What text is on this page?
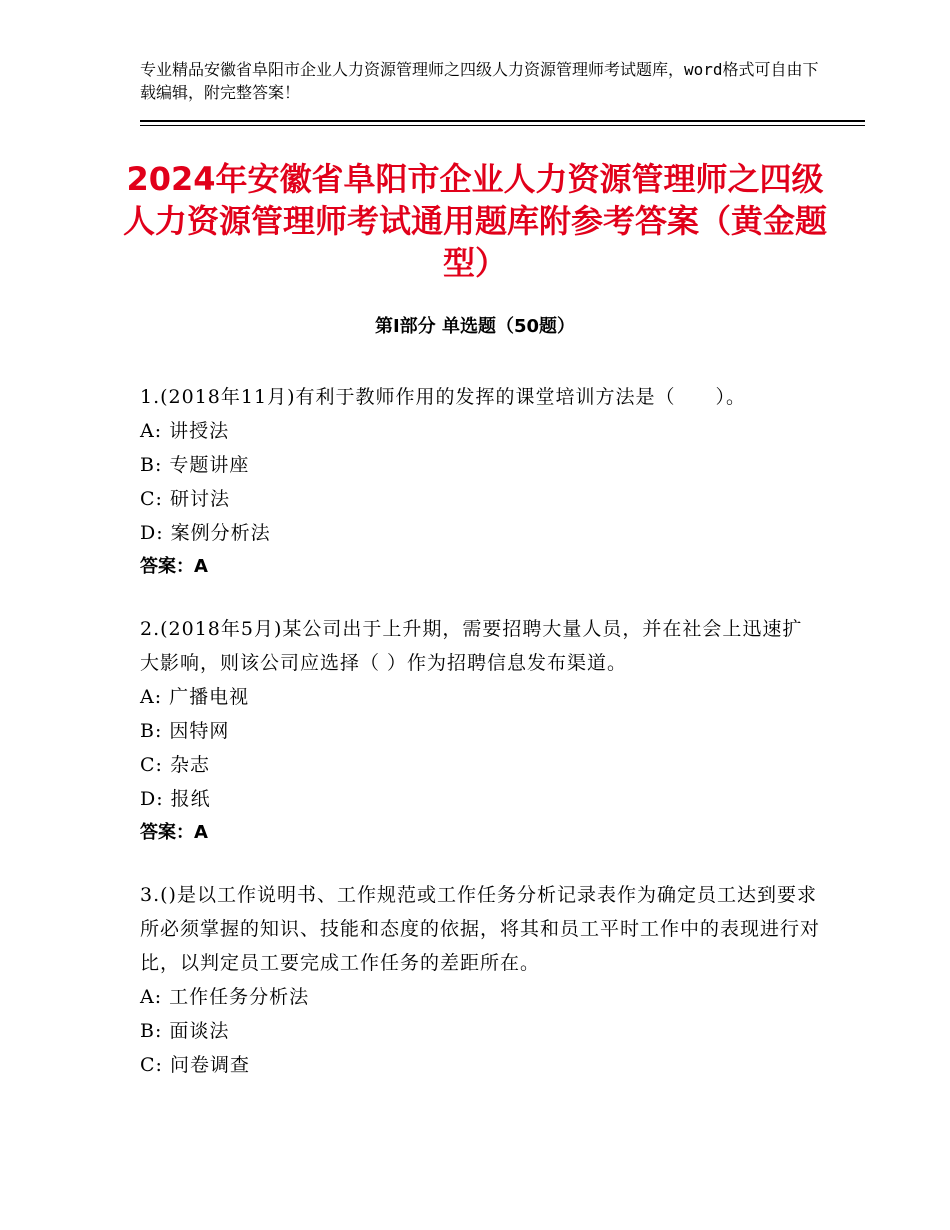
专业精品安徽省阜阳市企业人力资源管理师之四级人力资源管理师考试题库，word格式可自由下载编辑，附完整答案！
2024年安徽省阜阳市企业人力资源管理师之四级人力资源管理师考试通用题库附参考答案（黄金题型）
第Ⅰ部分 单选题（50题）
1.(2018年11月)有利于教师作用的发挥的课堂培训方法是（　　）。
A: 讲授法
B: 专题讲座
C: 研讨法
D: 案例分析法
答案：A
2.(2018年5月)某公司出于上升期，需要招聘大量人员，并在社会上迅速扩大影响，则该公司应选择（ ）作为招聘信息发布渠道。
A: 广播电视
B: 因特网
C: 杂志
D: 报纸
答案：A
3.()是以工作说明书、工作规范或工作任务分析记录表作为确定员工达到要求所必须掌握的知识、技能和态度的依据，将其和员工平时工作中的表现进行对比，以判定员工要完成工作任务的差距所在。
A: 工作任务分析法
B: 面谈法
C: 问卷调查
